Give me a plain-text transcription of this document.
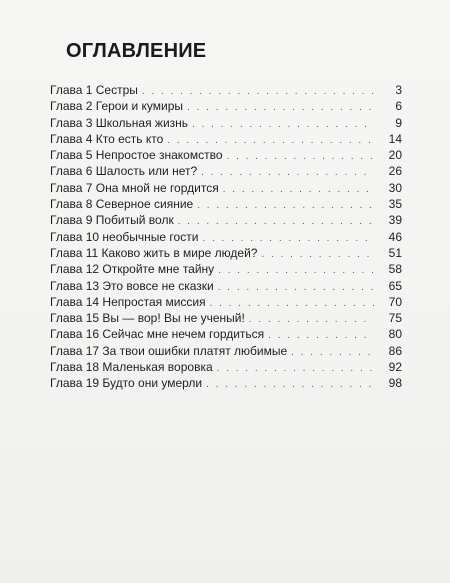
ОГЛАВЛЕНИЕ
Глава 1 Сестры . . .	3
Глава 2 Герои и кумиры . . .	6
Глава 3 Школьная жизнь . . .	9
Глава 4 Кто есть кто . . .	14
Глава 5 Непростое знакомство . . .	20
Глава 6 Шалость или нет? . . .	26
Глава 7 Она мной не гордится . . .	30
Глава 8 Северное сияние . . .	35
Глава 9 Побитый волк . . .	39
Глава 10 необычные гости . . .	46
Глава 11 Каково жить в мире людей? . . .	51
Глава 12 Откройте мне тайну . . .	58
Глава 13 Это вовсе не сказки . . .	65
Глава 14 Непростая миссия . . .	70
Глава 15 Вы — вор! Вы не ученый! . . .	75
Глава 16 Сейчас мне нечем гордиться . . .	80
Глава 17 За твои ошибки платят любимые . . .	86
Глава 18 Маленькая воровка . . .	92
Глава 19 Будто они умерли . . .	98
